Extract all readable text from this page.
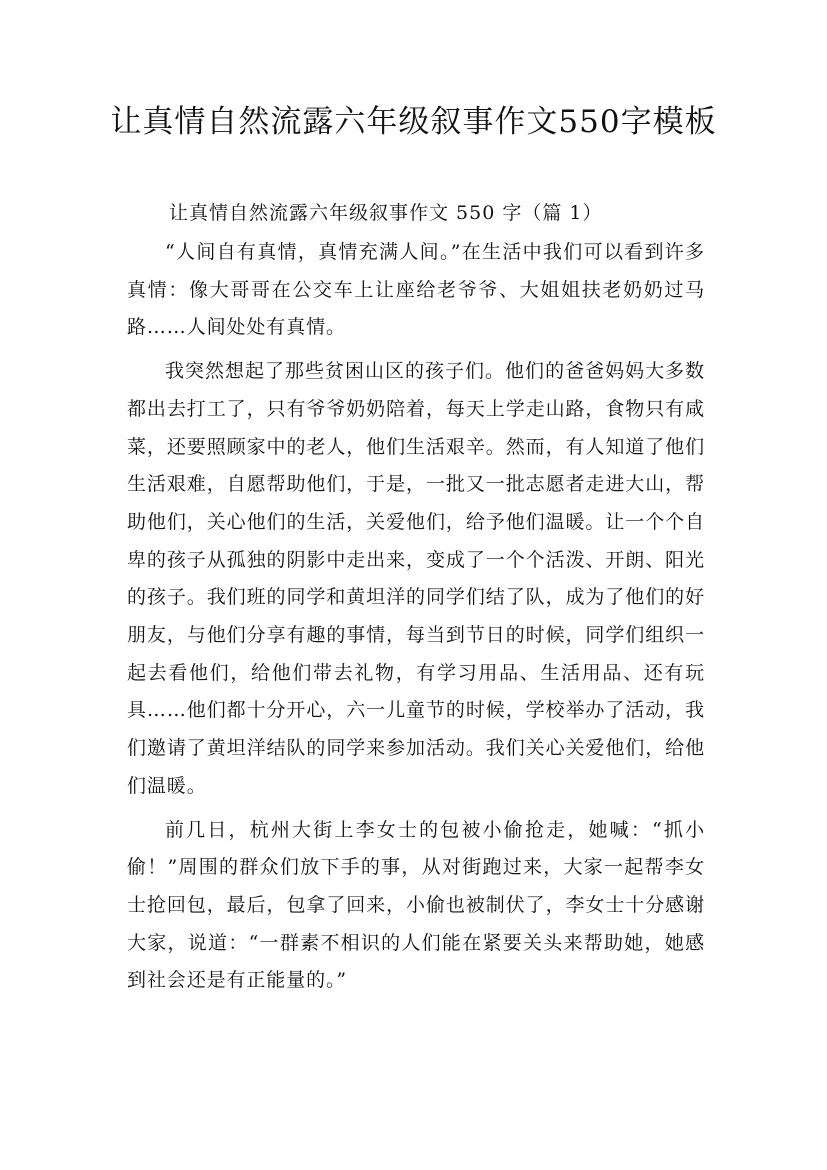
让真情自然流露六年级叙事作文550字模板

让真情自然流露六年级叙事作文 550 字（篇 1）

“人间自有真情，真情充满人间。”在生活中我们可以看到许多真情：像大哥哥在公交车上让座给老爷爷、大姐姐扶老奶奶过马路……人间处处有真情。

我突然想起了那些贫困山区的孩子们。他们的爸爸妈妈大多数都出去打工了，只有爷爷奶奶陪着，每天上学走山路，食物只有咸菜，还要照顾家中的老人，他们生活艰辛。然而，有人知道了他们生活艰难，自愿帮助他们，于是，一批又一批志愿者走进大山，帮助他们，关心他们的生活，关爱他们，给予他们温暖。让一个个自卑的孩子从孤独的阴影中走出来，变成了一个个活泼、开朗、阳光的孩子。我们班的同学和黄坦洋的同学们结了队，成为了他们的好朋友，与他们分享有趣的事情，每当到节日的时候，同学们组织一起去看他们，给他们带去礼物，有学习用品、生活用品、还有玩具……他们都十分开心，六一儿童节的时候，学校举办了活动，我们邀请了黄坦洋结队的同学来参加活动。我们关心关爱他们，给他们温暖。

前几日，杭州大街上李女士的包被小偷抢走，她喊：“抓小偷！”周围的群众们放下手的事，从对街跑过来，大家一起帮李女士抢回包，最后，包拿了回来，小偷也被制伏了，李女士十分感谢大家，说道：“一群素不相识的人们能在紧要关头来帮助她，她感到社会还是有正能量的。”
